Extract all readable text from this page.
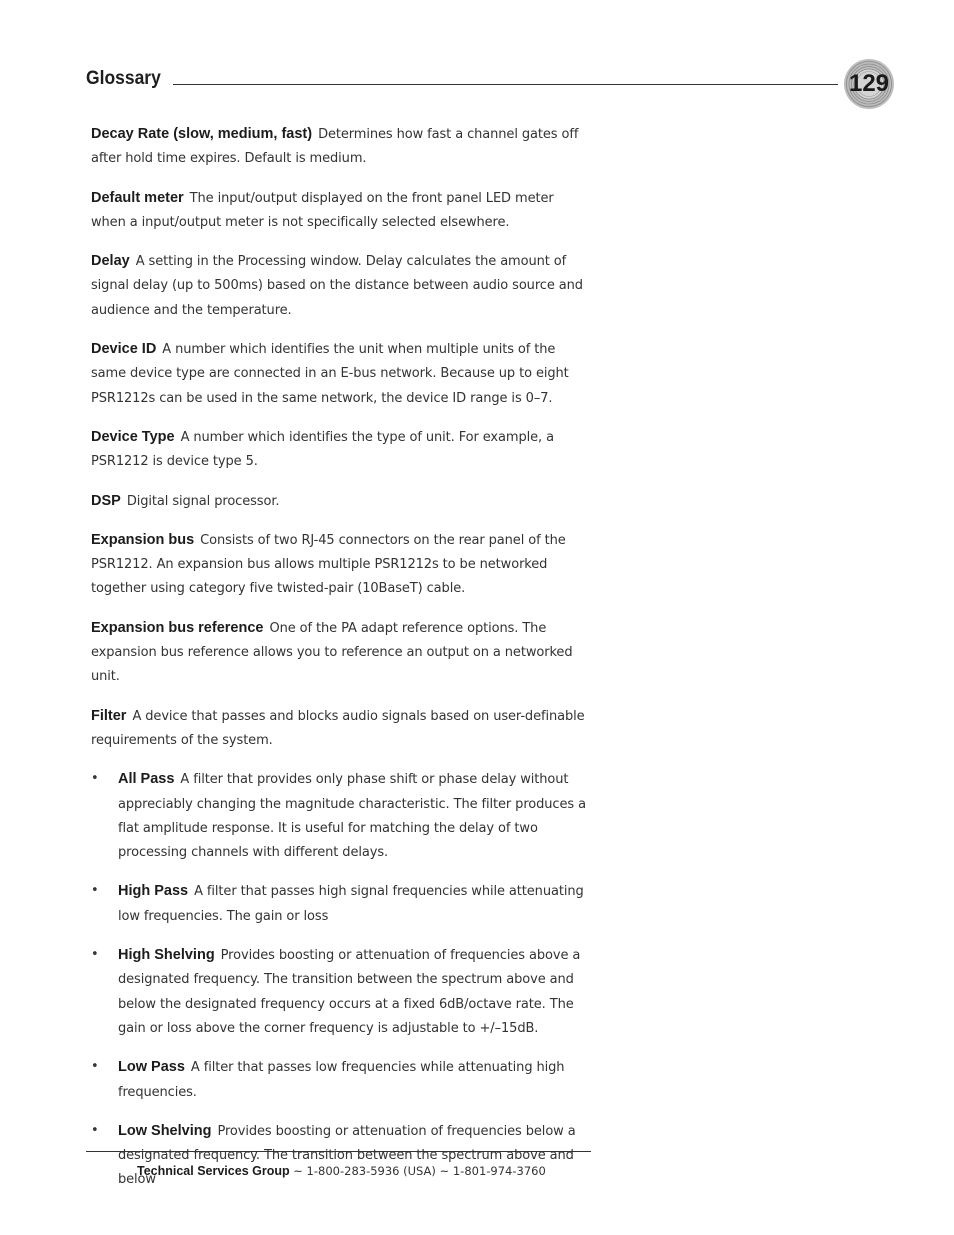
Glossary	129

Decay Rate (slow, medium, fast) Determines how fast a channel gates off after hold time expires. Default is medium.

Default meter The input/output displayed on the front panel LED meter when a input/output meter is not specifically selected elsewhere.

Delay A setting in the Processing window. Delay calculates the amount of signal delay (up to 500ms) based on the distance between audio source and audience and the temperature.

Device ID A number which identifies the unit when multiple units of the same device type are connected in an E-bus network. Because up to eight PSR1212s can be used in the same network, the device ID range is 0–7.

Device Type A number which identifies the type of unit. For example, a PSR1212 is device type 5.

DSP Digital signal processor.

Expansion bus Consists of two RJ-45 connectors on the rear panel of the PSR1212. An expansion bus allows multiple PSR1212s to be networked together using category five twisted-pair (10BaseT) cable.

Expansion bus reference One of the PA adapt reference options. The expansion bus reference allows you to reference an output on a networked unit.

Filter A device that passes and blocks audio signals based on user-definable requirements of the system.

• All Pass A filter that provides only phase shift or phase delay without appreciably changing the magnitude characteristic. The filter produces a flat amplitude response. It is useful for matching the delay of two processing channels with different delays.
• High Pass A filter that passes high signal frequencies while attenuating low frequencies. The gain or loss
• High Shelving Provides boosting or attenuation of frequencies above a designated frequency. The transition between the spectrum above and below the designated frequency occurs at a fixed 6dB/octave rate. The gain or loss above the corner frequency is adjustable to +/–15dB.
• Low Pass A filter that passes low frequencies while attenuating high frequencies.
• Low Shelving Provides boosting or attenuation of frequencies below a designated frequency. The transition between the spectrum above and below
Technical Services Group ~ 1-800-283-5936 (USA) ~ 1-801-974-3760
